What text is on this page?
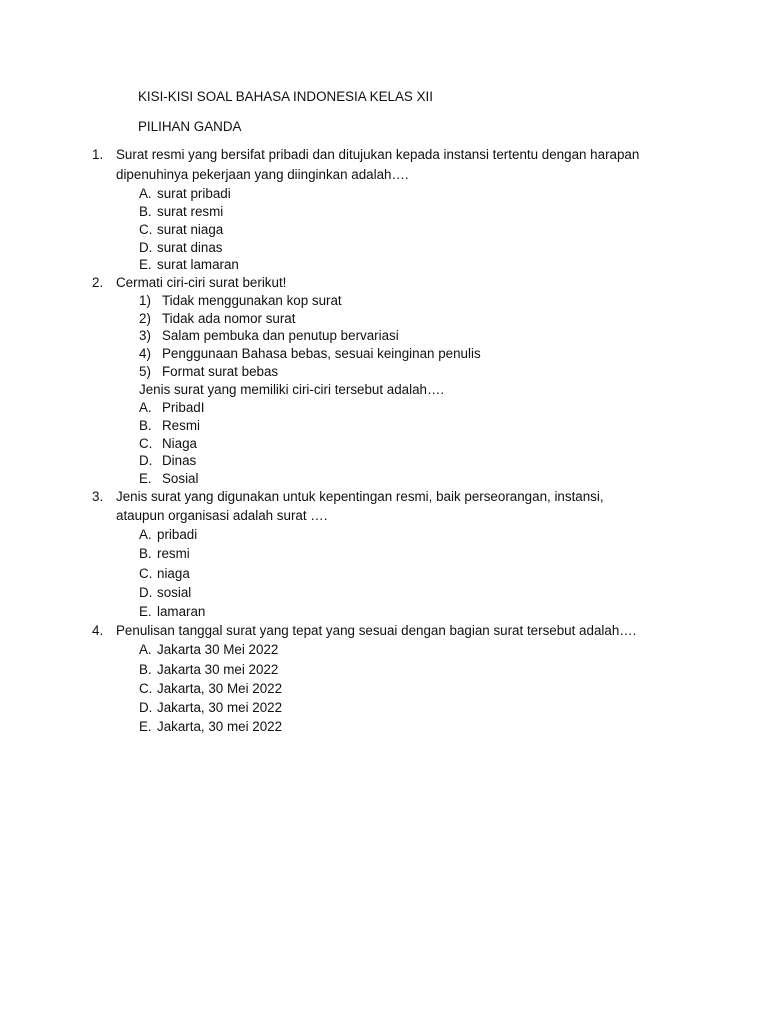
KISI-KISI SOAL BAHASA INDONESIA KELAS XII
PILIHAN GANDA
1. Surat resmi yang bersifat pribadi dan ditujukan kepada instansi tertentu dengan harapan
dipenuhinya pekerjaan yang diinginkan adalah….
A. surat pribadi
B. surat resmi
C. surat niaga
D. surat dinas
E. surat lamaran
2. Cermati ciri-ciri surat berikut!
1) Tidak menggunakan kop surat
2) Tidak ada nomor surat
3) Salam pembuka dan penutup bervariasi
4) Penggunaan Bahasa bebas, sesuai keinginan penulis
5) Format surat bebas
Jenis surat yang memiliki ciri-ciri tersebut adalah….
A. PribadI
B. Resmi
C. Niaga
D. Dinas
E. Sosial
3. Jenis surat yang digunakan untuk kepentingan resmi, baik perseorangan, instansi,
ataupun organisasi adalah surat ….
A. pribadi
B. resmi
C. niaga
D. sosial
E. lamaran
4. Penulisan tanggal surat yang tepat yang sesuai dengan bagian surat tersebut adalah….
A. Jakarta 30 Mei 2022
B. Jakarta 30 mei 2022
C. Jakarta, 30 Mei 2022
D. Jakarta, 30 mei 2022
E. Jakarta, 30 mei 2022
